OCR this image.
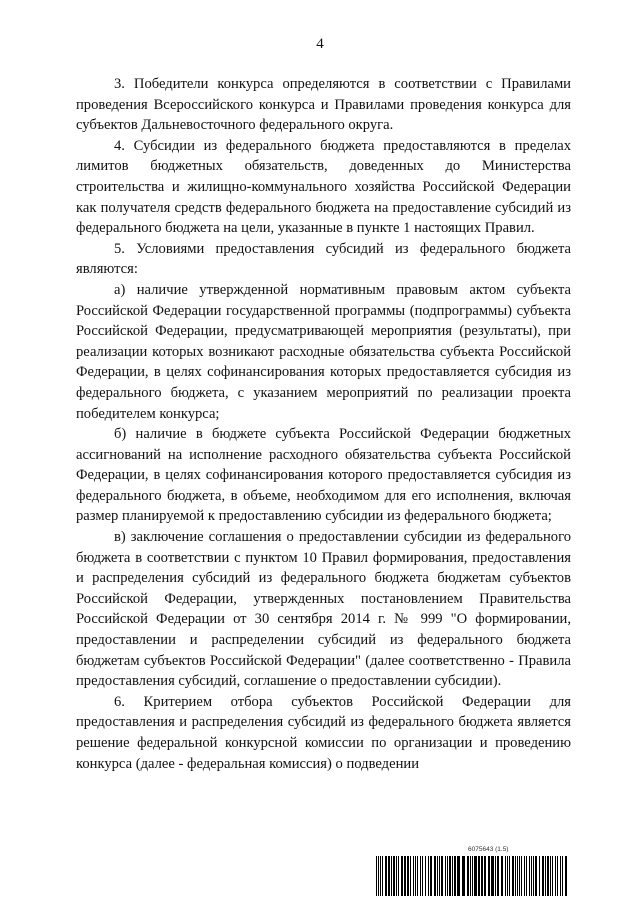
4

3. Победители конкурса определяются в соответствии с Правилами проведения Всероссийского конкурса и Правилами проведения конкурса для субъектов Дальневосточного федерального округа.

4. Субсидии из федерального бюджета предоставляются в пределах лимитов бюджетных обязательств, доведенных до Министерства строительства и жилищно-коммунального хозяйства Российской Федерации как получателя средств федерального бюджета на предоставление субсидий из федерального бюджета на цели, указанные в пункте 1 настоящих Правил.

5. Условиями предоставления субсидий из федерального бюджета являются:

а) наличие утвержденной нормативным правовым актом субъекта Российской Федерации государственной программы (подпрограммы) субъекта Российской Федерации, предусматривающей мероприятия (результаты), при реализации которых возникают расходные обязательства субъекта Российской Федерации, в целях софинансирования которых предоставляется субсидия из федерального бюджета, с указанием мероприятий по реализации проекта победителем конкурса;

б) наличие в бюджете субъекта Российской Федерации бюджетных ассигнований на исполнение расходного обязательства субъекта Российской Федерации, в целях софинансирования которого предоставляется субсидия из федерального бюджета, в объеме, необходимом для его исполнения, включая размер планируемой к предоставлению субсидии из федерального бюджета;

в) заключение соглашения о предоставлении субсидии из федерального бюджета в соответствии с пунктом 10 Правил формирования, предоставления и распределения субсидий из федерального бюджета бюджетам субъектов Российской Федерации, утвержденных постановлением Правительства Российской Федерации от 30 сентября 2014 г. № 999 "О формировании, предоставлении и распределении субсидий из федерального бюджета бюджетам субъектов Российской Федерации" (далее соответственно - Правила предоставления субсидий, соглашение о предоставлении субсидии).

6. Критерием отбора субъектов Российской Федерации для предоставления и распределения субсидий из федерального бюджета является решение федеральной конкурсной комиссии по организации и проведению конкурса (далее - федеральная комиссия) о подведении

6075643 (1.5)
